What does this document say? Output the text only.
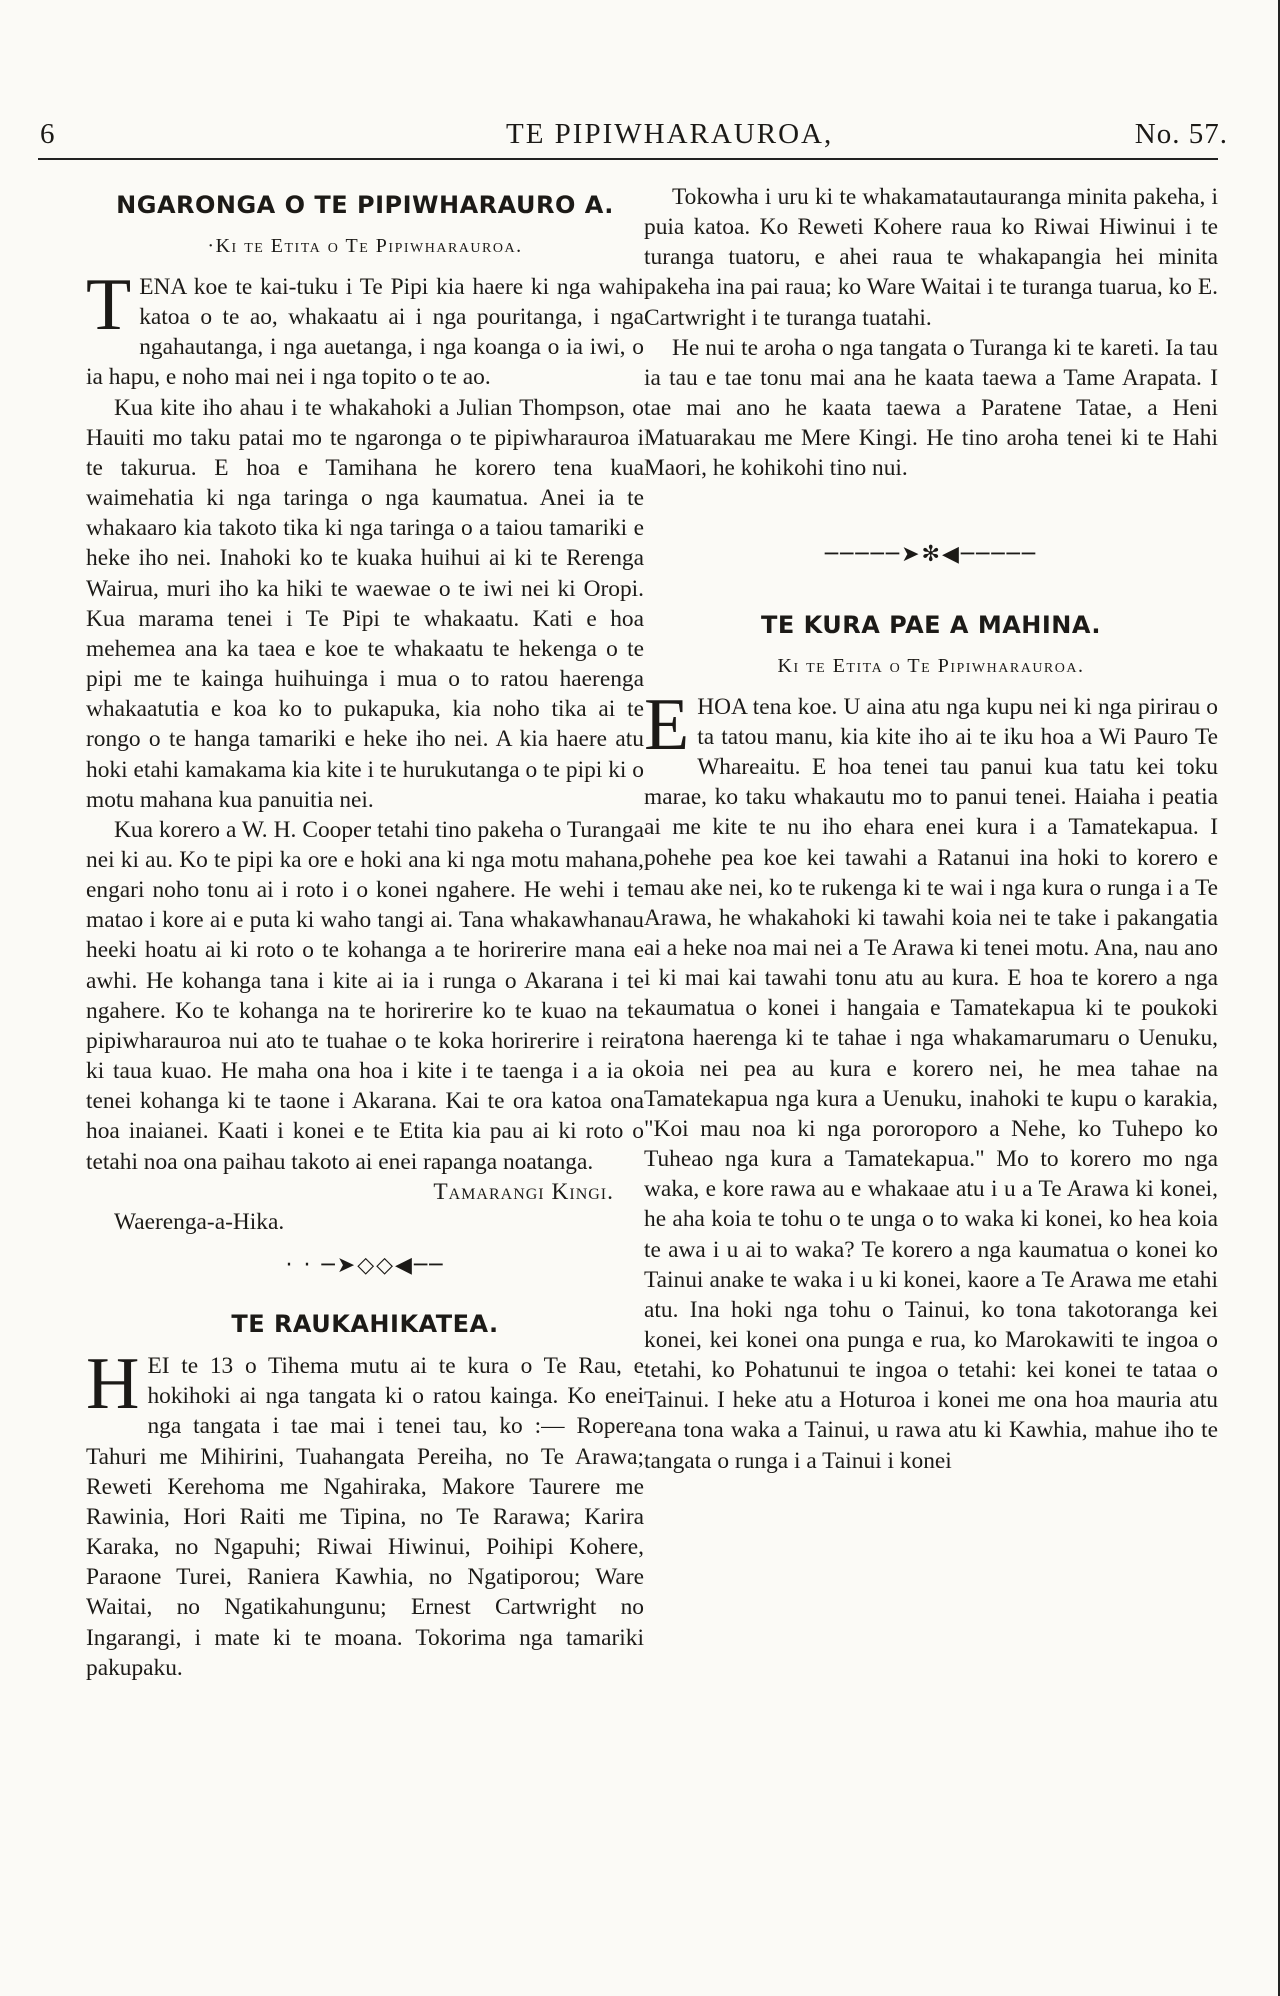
6	TE PIPIWHARAUROA,	No. 57.
NGARONGA O TE PIPIWHARAURO A.
·Ki te Etita o Te Pipiwharauroa.

TENA koe te kai-tuku i Te Pipi kia haere ki nga wahi katoa o te ao, whakaatu ai i nga pouritanga, i nga ngahautanga, i nga auetanga, i nga koanga o ia iwi, o ia hapu, e noho mai nei i nga topito o te ao.

Kua kite iho ahau i te whakahoki a Julian Thompson, o Hauiti mo taku patai mo te ngaronga o te pipiwharauroa i te takurua. E hoa e Tamihana he korero tena kua waimehatia ki nga taringa o nga kaumatua. Anei ia te whakaaro kia takoto tika ki nga taringa o a taiou tamariki e heke iho nei. Inahoki ko te kuaka huihui ai ki te Rerenga Wairua, muri iho ka hiki te waewae o te iwi nei ki Oropi. Kua marama tenei i Te Pipi te whakaatu. Kati e hoa mehemea ana ka taea e koe te whakaatu te hekenga o te pipi me te kainga huihuinga i mua o to ratou haerenga whakaatutia e koa ko to pukapuka, kia noho tika ai te rongo o te hanga tamariki e heke iho nei. A kia haere atu hoki etahi kamakama kia kite i te hurukutanga o te pipi ki o motu mahana kua panuitia nei.

Kua korero a W. H. Cooper tetahi tino pakeha o Turanga nei ki au. Ko te pipi ka ore e hoki ana ki nga motu mahana, engari noho tonu ai i roto i o konei ngahere. He wehi i te matao i kore ai e puta ki waho tangi ai. Tana whakawhanau heeki hoatu ai ki roto o te kohanga a te horirerire mana e awhi. He kohanga tana i kite ai ia i runga o Akarana i te ngahere. Ko te kohanga na te horirerire ko te kuao na te pipiwharauroa nui ato te tuahae o te koka horirerire i reira ki taua kuao. He maha ona hoa i kite i te taenga i a ia o tenei kohanga ki te taone i Akarana. Kai te ora katoa ona hoa inaianei. Kaati i konei e te Etita kia pau ai ki roto o tetahi noa ona paihau takoto ai enei rapanga noatanga.

Tamarangi Kingi.
Waerenga-a-Hika.
· · ─➤◇◇◀──
TE RAUKAHIKATEA.

HEI te 13 o Tihema mutu ai te kura o Te Rau, e hokihoki ai nga tangata ki o ratou kainga. Ko enei nga tangata i tae mai i tenei tau, ko :— Ropere Tahuri me Mihirini, Tuahangata Pereiha, no Te Arawa; Reweti Kerehoma me Ngahiraka, Makore Taurere me Rawinia, Hori Raiti me Tipina, no Te Rarawa; Karira Karaka, no Ngapuhi; Riwai Hiwinui, Poihipi Kohere, Paraone Turei, Raniera Kawhia, no Ngatiporou; Ware Waitai, no Ngatikahungunu; Ernest Cartwright no Ingarangi, i mate ki te moana. Tokorima nga tamariki pakupaku.

Tokowha i uru ki te whakamatautauranga minita pakeha, i puia katoa. Ko Reweti Kohere raua ko Riwai Hiwinui i te turanga tuatoru, e ahei raua te whakapangia hei minita pakeha ina pai raua; ko Ware Waitai i te turanga tuarua, ko E. Cartwright i te turanga tuatahi.

He nui te aroha o nga tangata o Turanga ki te kareti. Ia tau ia tau e tae tonu mai ana he kaata taewa a Tame Arapata. I tae mai ano he kaata taewa a Paratene Tatae, a Heni Matuarakau me Mere Kingi. He tino aroha tenei ki te Hahi Maori, he kohikohi tino nui.

─────➤✻◀─────
TE KURA PAE A MAHINA.
Ki te Etita o Te Pipiwharauroa.

EHOA tena koe. U aina atu nga kupu nei ki nga pirirau o ta tatou manu, kia kite iho ai te iku hoa a Wi Pauro Te Whareaitu. E hoa tenei tau panui kua tatu kei toku marae, ko taku whakautu mo to panui tenei. Haiaha i peatia ai me kite te nu iho ehara enei kura i a Tamatekapua. I pohehe pea koe kei tawahi a Ratanui ina hoki to korero e mau ake nei, ko te rukenga ki te wai i nga kura o runga i a Te Arawa, he whakahoki ki tawahi koia nei te take i pakangatia ai a heke noa mai nei a Te Arawa ki tenei motu. Ana, nau ano i ki mai kai tawahi tonu atu au kura. E hoa te korero a nga kaumatua o konei i hangaia e Tamatekapua ki te poukoki tona haerenga ki te tahae i nga whakamarumaru o Uenuku, koia nei pea au kura e korero nei, he mea tahae na Tamatekapua nga kura a Uenuku, inahoki te kupu o karakia, "Koi mau noa ki nga pororoporo a Nehe, ko Tuhepo ko Tuheao nga kura a Tamatekapua." Mo to korero mo nga waka, e kore rawa au e whakaae atu i u a Te Arawa ki konei, he aha koia te tohu o te unga o to waka ki konei, ko hea koia te awa i u ai to waka? Te korero a nga kaumatua o konei ko Tainui anake te waka i u ki konei, kaore a Te Arawa me etahi atu. Ina hoki nga tohu o Tainui, ko tona takotoranga kei konei, kei konei ona punga e rua, ko Marokawiti te ingoa o tetahi, ko Pohatunui te ingoa o tetahi: kei konei te tataa o Tainui. I heke atu a Hoturoa i konei me ona hoa mauria atu ana tona waka a Tainui, u rawa atu ki Kawhia, mahue iho te tangata o runga i a Tainui i konei
